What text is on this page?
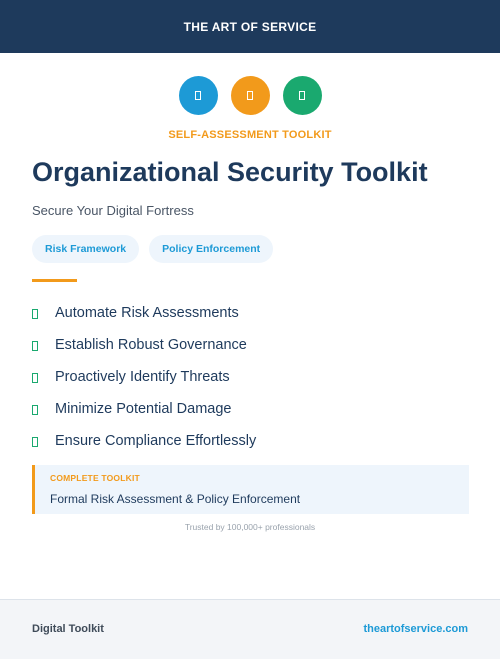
THE ART OF SERVICE
SELF-ASSESSMENT TOOLKIT
Organizational Security Toolkit
Secure Your Digital Fortress
Risk Framework	Policy Enforcement
Automate Risk Assessments
Establish Robust Governance
Proactively Identify Threats
Minimize Potential Damage
Ensure Compliance Effortlessly
COMPLETE TOOLKIT
Formal Risk Assessment & Policy Enforcement
Trusted by 100,000+ professionals
Digital Toolkit	theartofservice.com
